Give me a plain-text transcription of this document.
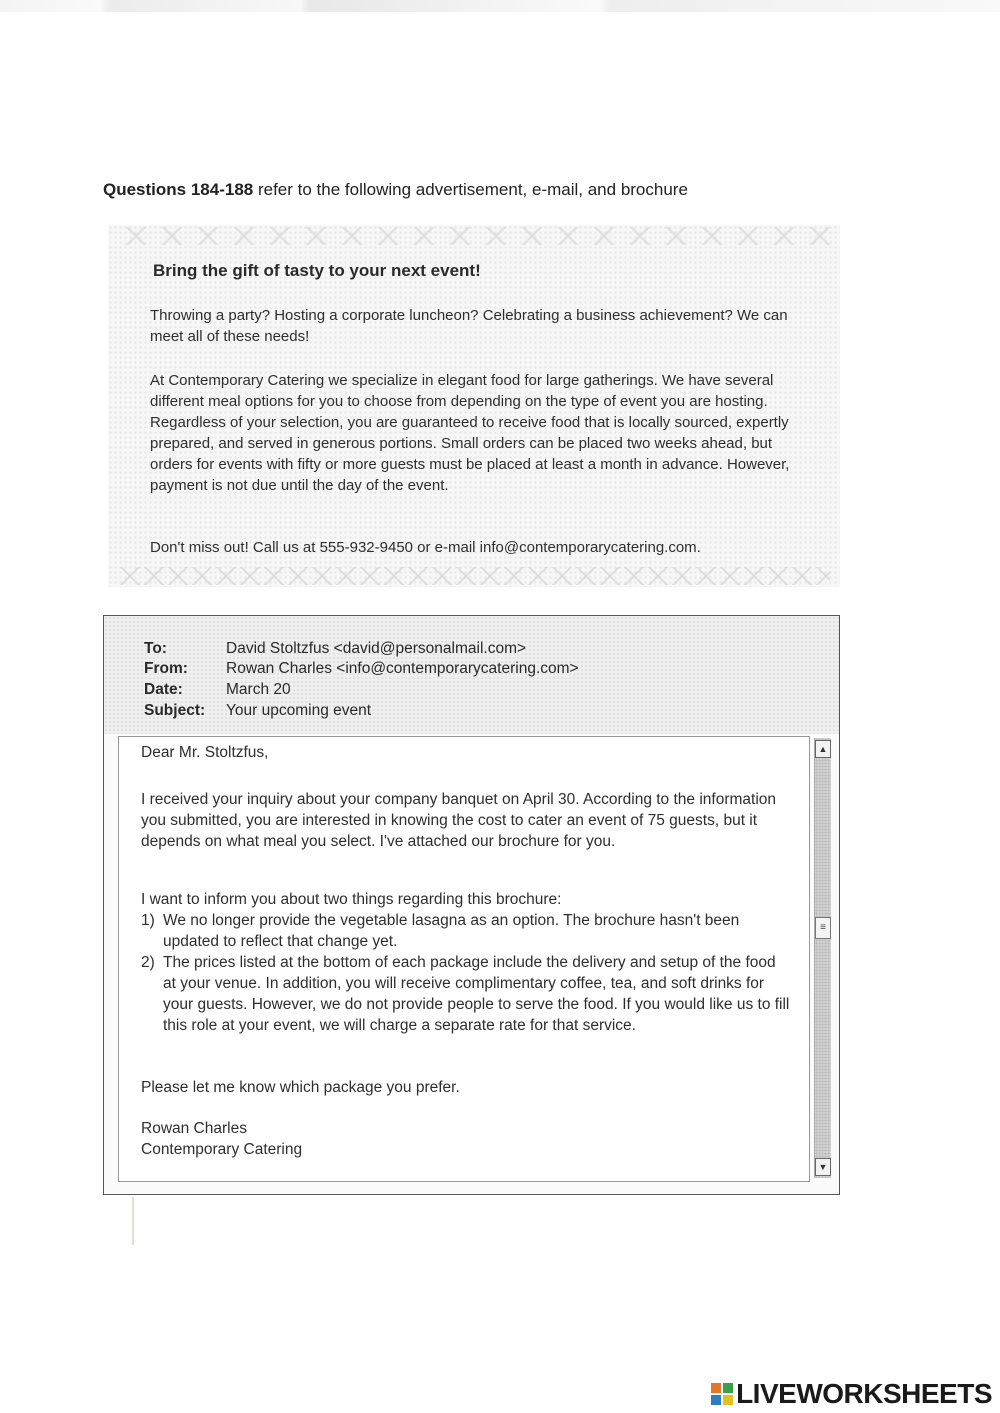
Questions 184-188 refer to the following advertisement, e-mail, and brochure
Bring the gift of tasty to your next event!
Throwing a party? Hosting a corporate luncheon? Celebrating a business achievement? We can meet all of these needs!
At Contemporary Catering we specialize in elegant food for large gatherings. We have several different meal options for you to choose from depending on the type of event you are hosting. Regardless of your selection, you are guaranteed to receive food that is locally sourced, expertly prepared, and served in generous portions. Small orders can be placed two weeks ahead, but orders for events with fifty or more guests must be placed at least a month in advance. However, payment is not due until the day of the event.
Don't miss out! Call us at 555-932-9450 or e-mail info@contemporarycatering.com.
To:	David Stoltzfus <david@personalmail.com>
From: Rowan Charles <info@contemporarycatering.com>
Date:	March 20
Subject: Your upcoming event
Dear Mr. Stoltzfus,
I received your inquiry about your company banquet on April 30. According to the information you submitted, you are interested in knowing the cost to cater an event of 75 guests, but it depends on what meal you select. I've attached our brochure for you.
I want to inform you about two things regarding this brochure:
1) We no longer provide the vegetable lasagna as an option. The brochure hasn't been updated to reflect that change yet.
2) The prices listed at the bottom of each package include the delivery and setup of the food at your venue. In addition, you will receive complimentary coffee, tea, and soft drinks for your guests. However, we do not provide people to serve the food. If you would like us to fill this role at your event, we will charge a separate rate for that service.
Please let me know which package you prefer.
Rowan Charles
Contemporary Catering
▲
≡
▼
LIVEWORKSHEETS
